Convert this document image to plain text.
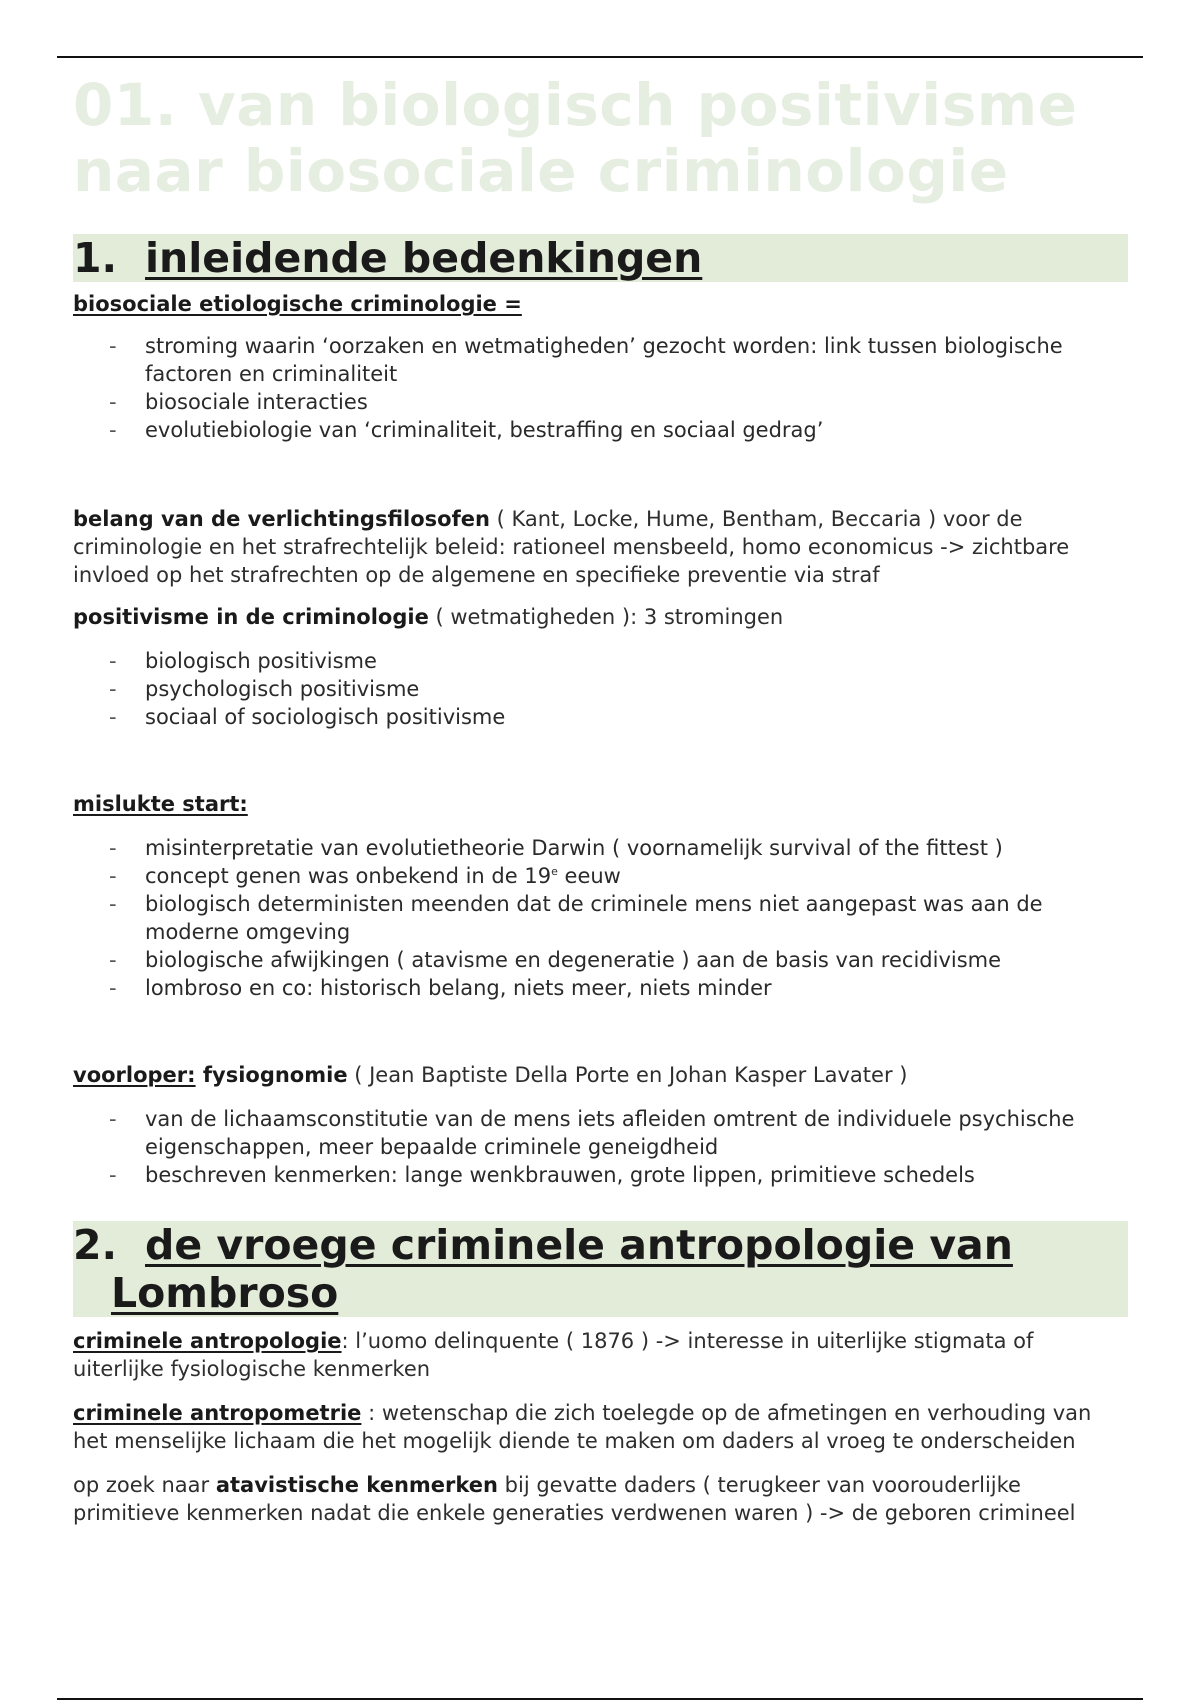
01. van biologisch positivisme
naar biosociale criminologie
1. inleidende bedenkingen

biosociale etiologische criminologie =

- stroming waarin ‘oorzaken en wetmatigheden’ gezocht worden: link tussen biologische factoren en criminaliteit
- biosociale interacties
- evolutiebiologie van ‘criminaliteit, bestraffing en sociaal gedrag’

belang van de verlichtingsfilosofen ( Kant, Locke, Hume, Bentham, Beccaria ) voor de criminologie en het strafrechtelijk beleid: rationeel mensbeeld, homo economicus -> zichtbare invloed op het strafrechten op de algemene en specifieke preventie via straf

positivisme in de criminologie ( wetmatigheden ): 3 stromingen

- biologisch positivisme
- psychologisch positivisme
- sociaal of sociologisch positivisme

mislukte start:

- misinterpretatie van evolutietheorie Darwin ( voornamelijk survival of the fittest )
- concept genen was onbekend in de 19e eeuw
- biologisch deterministen meenden dat de criminele mens niet aangepast was aan de moderne omgeving
- biologische afwijkingen ( atavisme en degeneratie ) aan de basis van recidivisme
- lombroso en co: historisch belang, niets meer, niets minder

voorloper: fysiognomie ( Jean Baptiste Della Porte en Johan Kasper Lavater )

- van de lichaamsconstitutie van de mens iets afleiden omtrent de individuele psychische eigenschappen, meer bepaalde criminele geneigdheid
- beschreven kenmerken: lange wenkbrauwen, grote lippen, primitieve schedels
2. de vroege criminele antropologie van
Lombroso

criminele antropologie: l’uomo delinquente ( 1876 ) -> interesse in uiterlijke stigmata of uiterlijke fysiologische kenmerken

criminele antropometrie : wetenschap die zich toelegde op de afmetingen en verhouding van het menselijke lichaam die het mogelijk diende te maken om daders al vroeg te onderscheiden

op zoek naar atavistische kenmerken bij gevatte daders ( terugkeer van voorouderlijke primitieve kenmerken nadat die enkele generaties verdwenen waren ) -> de geboren crimineel
